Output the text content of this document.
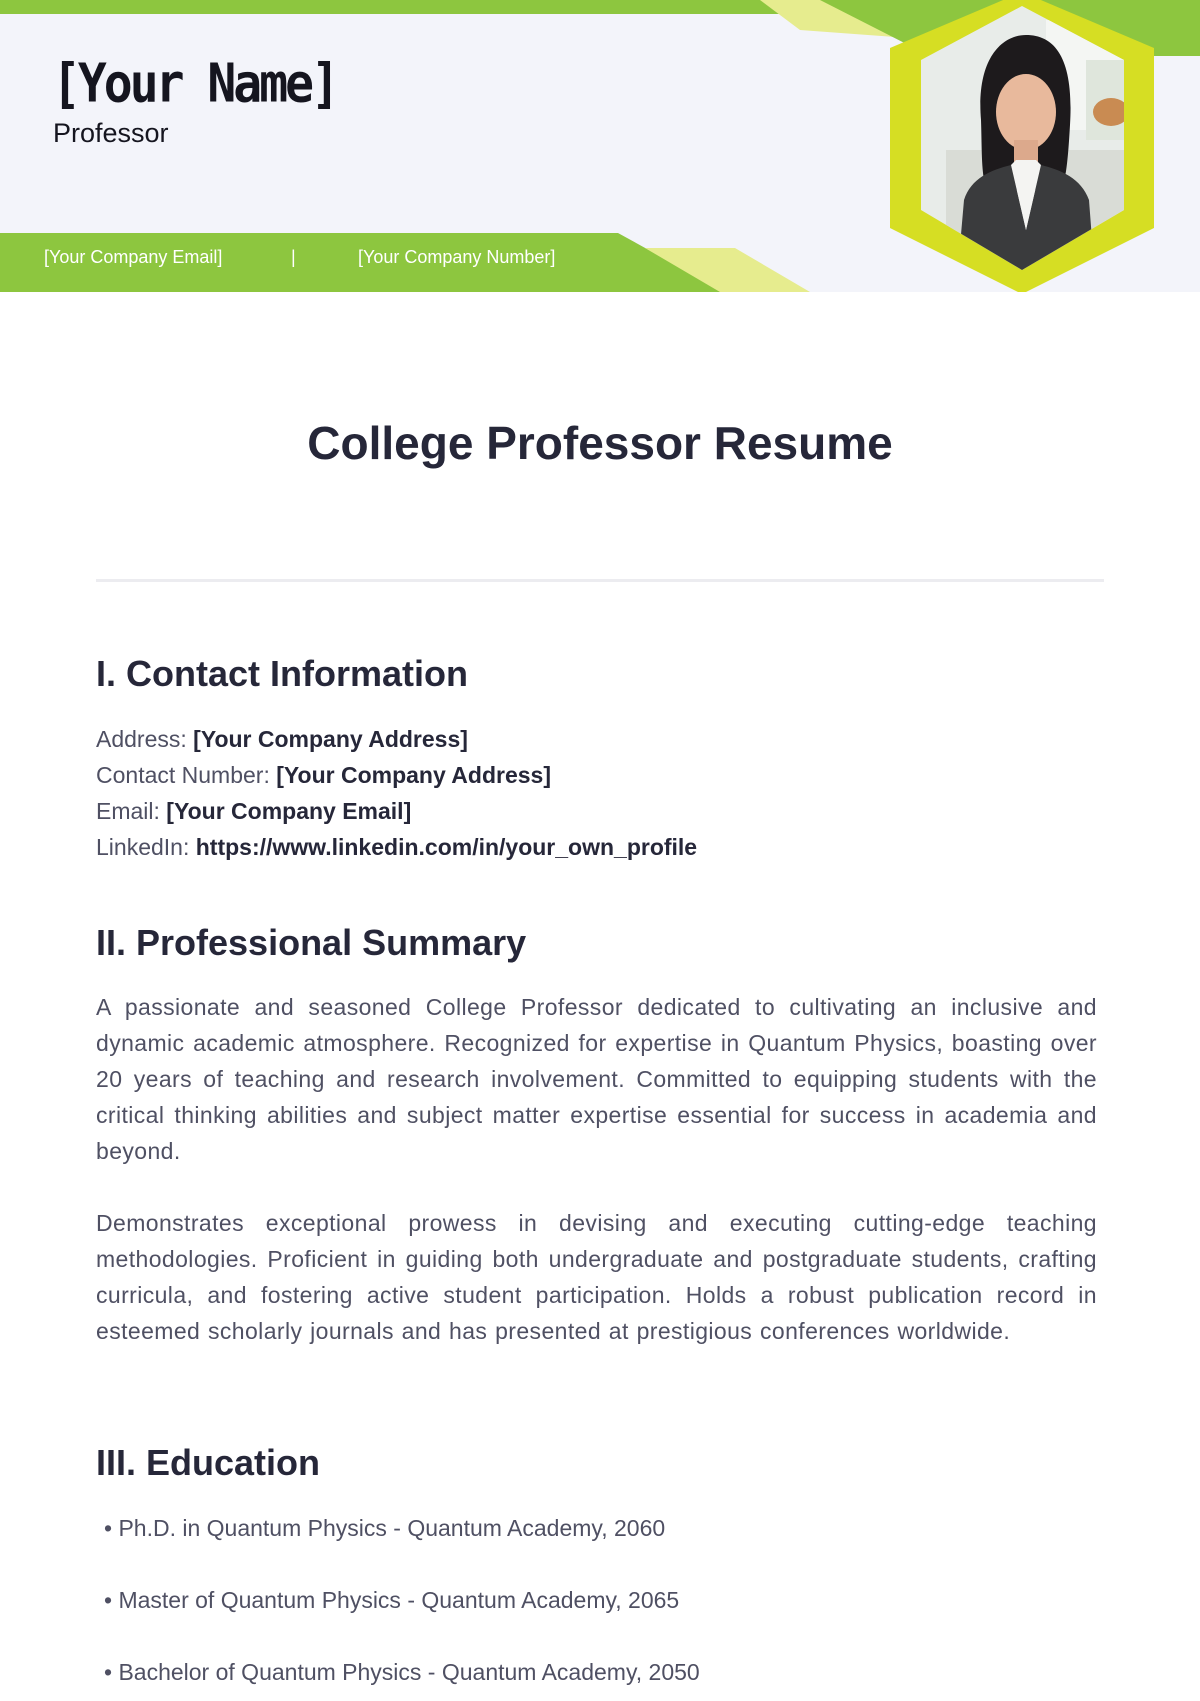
[Your Name]
Professor
[Your Company Email]	|	[Your Company Number]
College Professor Resume
I. Contact Information
Address: [Your Company Address]
Contact Number: [Your Company Address]
Email: [Your Company Email]
LinkedIn: https://www.linkedin.com/in/your_own_profile
II. Professional Summary
A passionate and seasoned College Professor dedicated to cultivating an inclusive and dynamic academic atmosphere. Recognized for expertise in Quantum Physics, boasting over 20 years of teaching and research involvement. Committed to equipping students with the critical thinking abilities and subject matter expertise essential for success in academia and beyond.
Demonstrates exceptional prowess in devising and executing cutting-edge teaching methodologies. Proficient in guiding both undergraduate and postgraduate students, crafting curricula, and fostering active student participation. Holds a robust publication record in esteemed scholarly journals and has presented at prestigious conferences worldwide.
III. Education
• Ph.D. in Quantum Physics - Quantum Academy, 2060
• Master of Quantum Physics - Quantum Academy, 2065
• Bachelor of Quantum Physics - Quantum Academy, 2050
